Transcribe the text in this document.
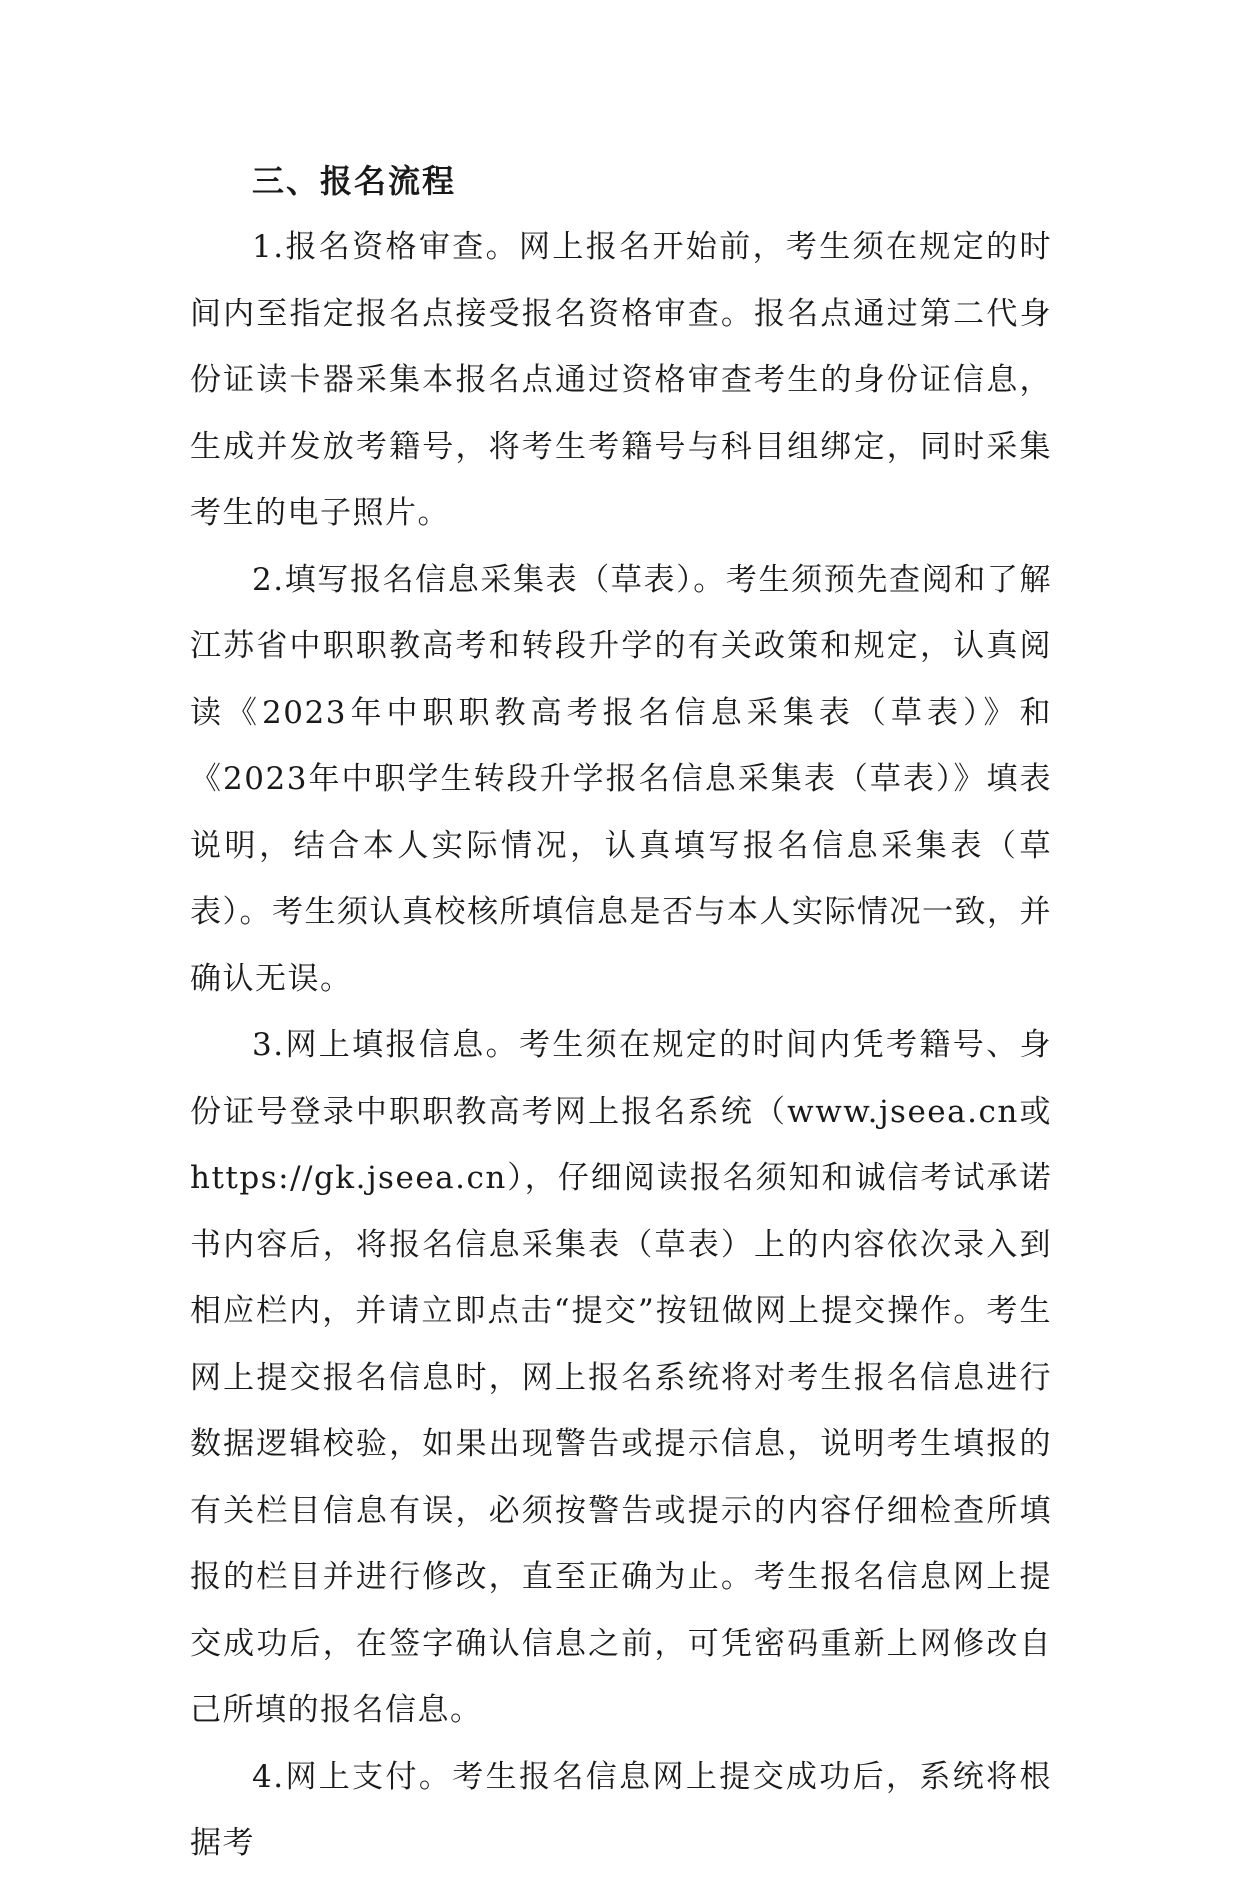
三、报名流程

1.报名资格审查。网上报名开始前，考生须在规定的时间内至指定报名点接受报名资格审查。报名点通过第二代身份证读卡器采集本报名点通过资格审查考生的身份证信息，生成并发放考籍号，将考生考籍号与科目组绑定，同时采集考生的电子照片。

2.填写报名信息采集表（草表）。考生须预先查阅和了解江苏省中职职教高考和转段升学的有关政策和规定，认真阅读《2023年中职职教高考报名信息采集表（草表）》和《2023年中职学生转段升学报名信息采集表（草表）》填表说明，结合本人实际情况，认真填写报名信息采集表（草表）。考生须认真校核所填信息是否与本人实际情况一致，并确认无误。

3.网上填报信息。考生须在规定的时间内凭考籍号、身份证号登录中职职教高考网上报名系统（www.jseea.cn或https://gk.jseea.cn），仔细阅读报名须知和诚信考试承诺书内容后，将报名信息采集表（草表）上的内容依次录入到相应栏内，并请立即点击“提交”按钮做网上提交操作。考生网上提交报名信息时，网上报名系统将对考生报名信息进行数据逻辑校验，如果出现警告或提示信息，说明考生填报的有关栏目信息有误，必须按警告或提示的内容仔细检查所填报的栏目并进行修改，直至正确为止。考生报名信息网上提交成功后，在签字确认信息之前，可凭密码重新上网修改自己所填的报名信息。

4.网上支付。考生报名信息网上提交成功后，系统将根据考
